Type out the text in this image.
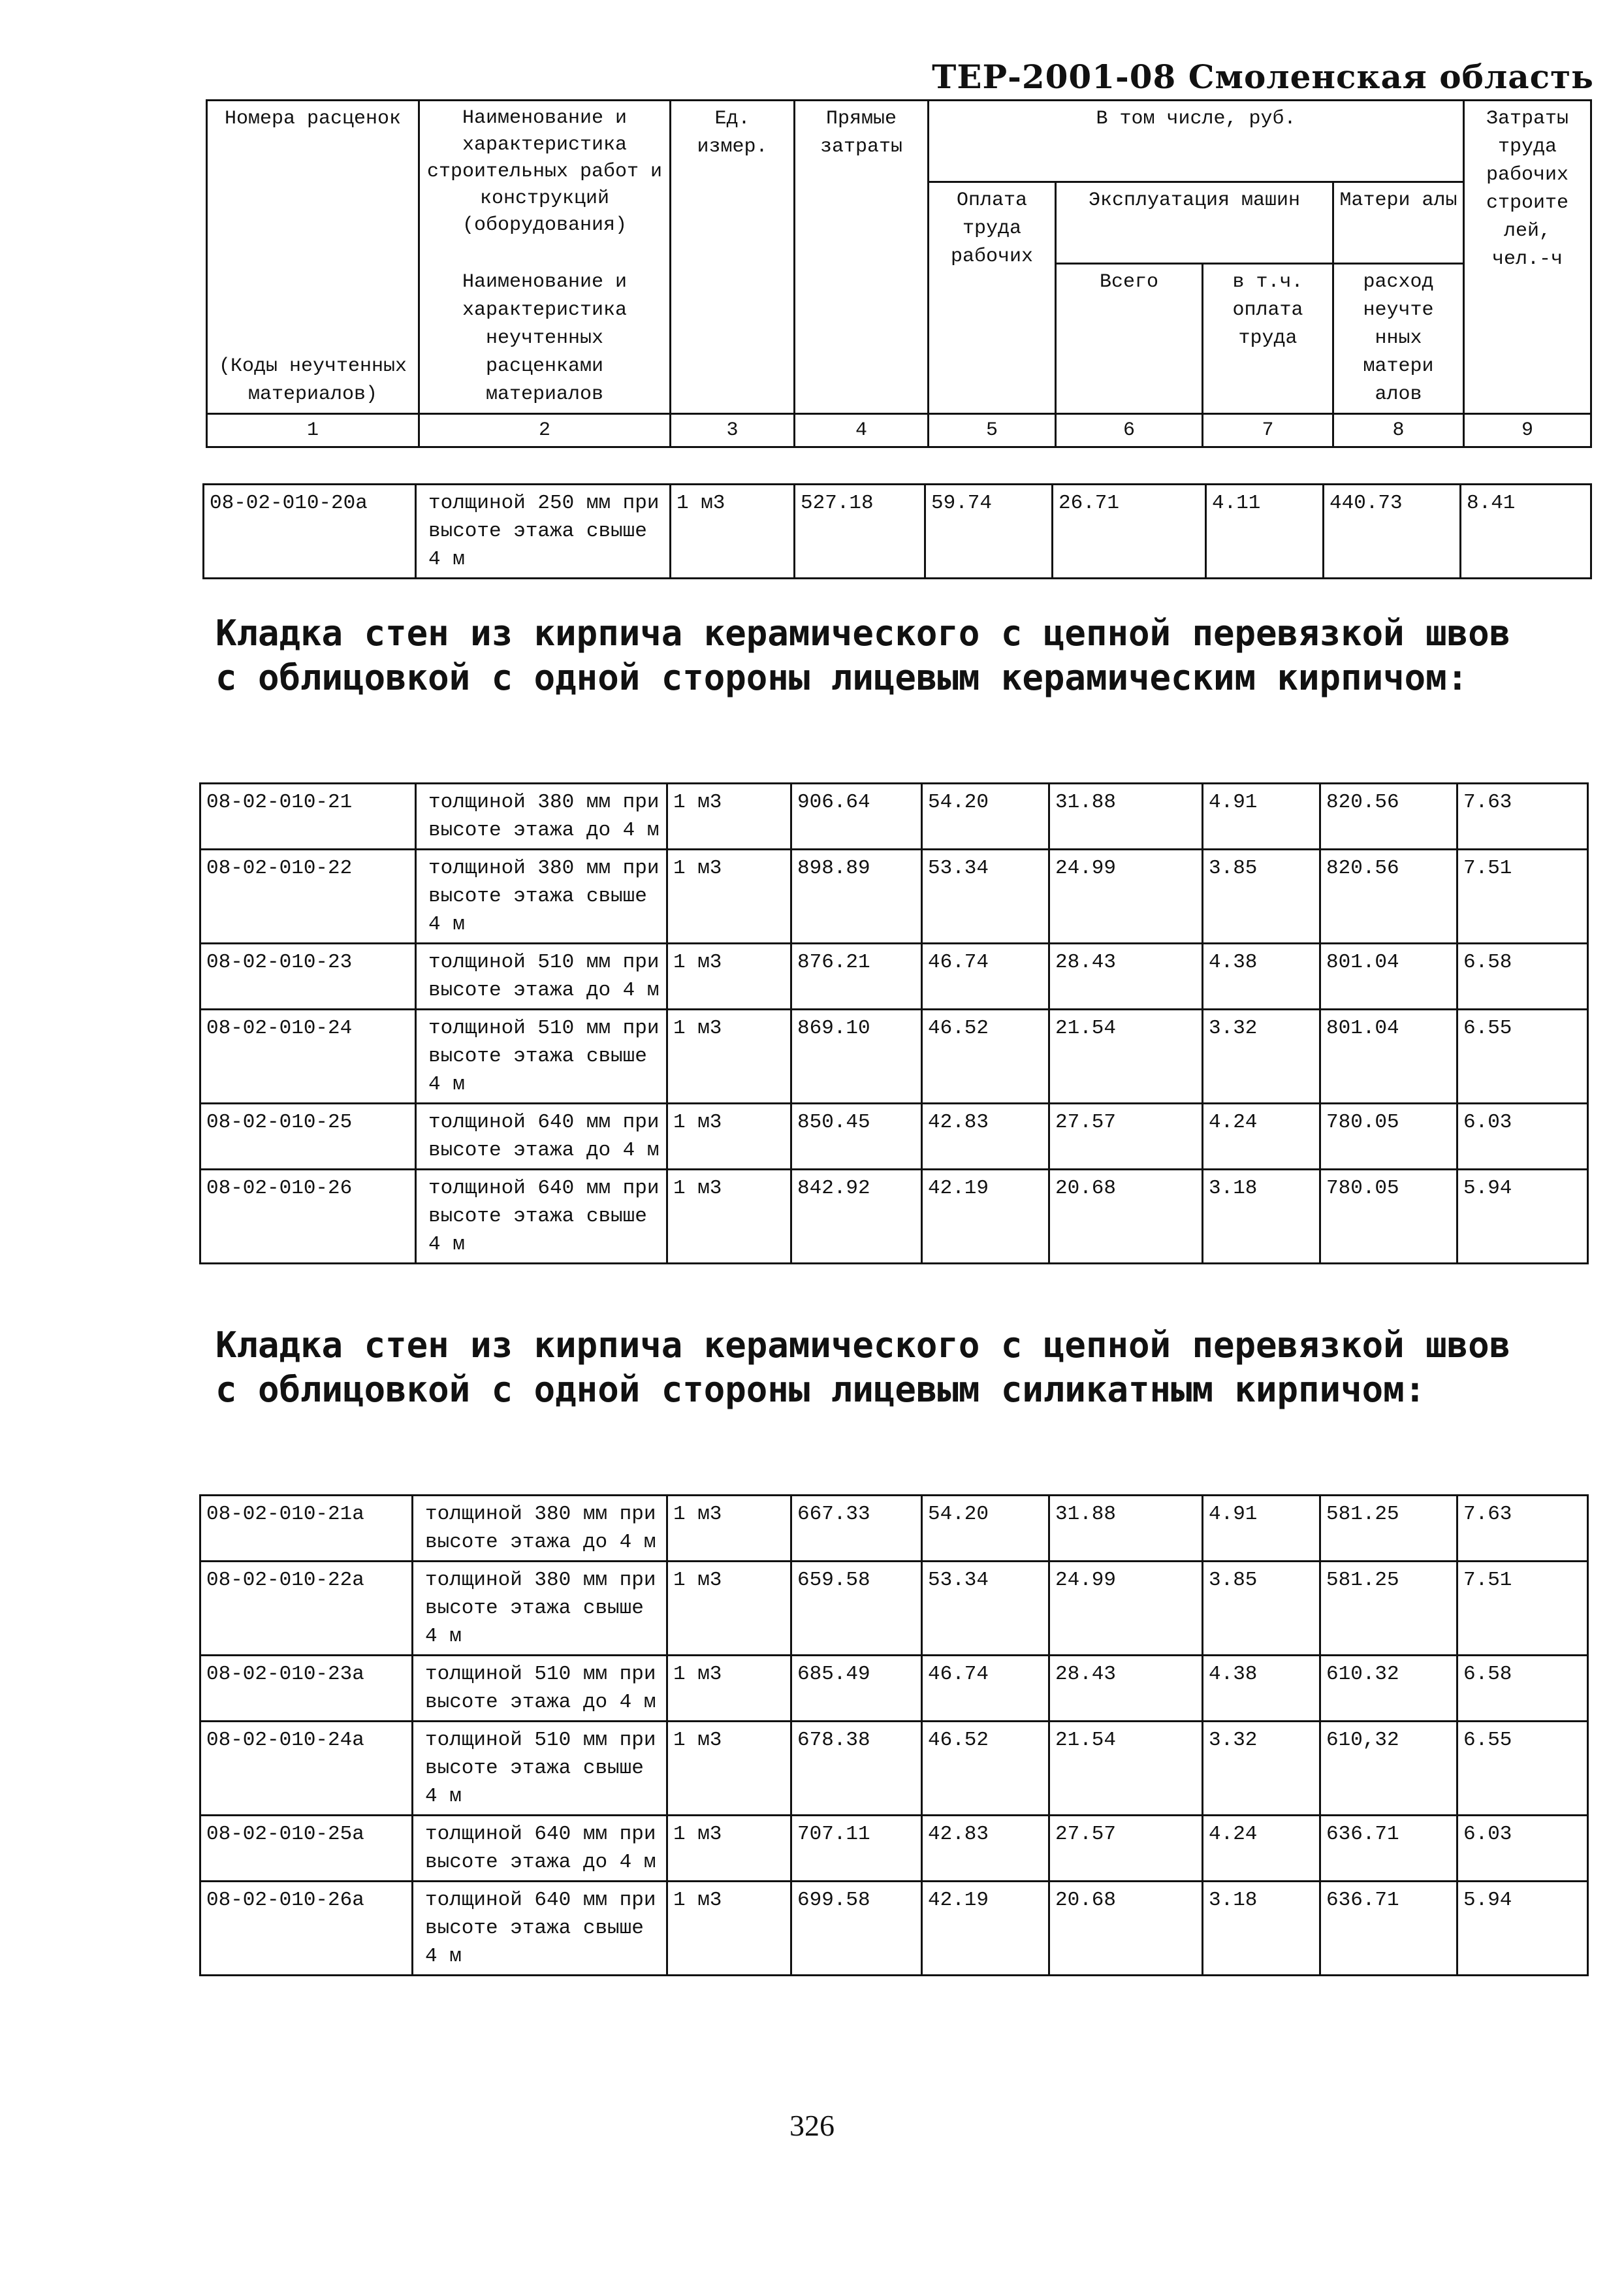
ТЕР-2001-08 Смоленская область
Номера расценок	Наименование и характеристика строительных работ и конструкций (оборудования)	Ед. измер.	Прямые затраты	В том числе, руб.				Затраты труда рабочих строите лей, чел.-ч
				Оплата труда рабочих	Эксплуатация машин		Матери алы	
(Коды неучтенных материалов)	Наименование и характеристика неучтенных расценками материалов				Всего	в т.ч. оплата труда	расход неучте нных матери алов	

1	2	3	4	5	6	7	8	9
08-02-010-20а	толщиной 250 мм при высоте этажа свыше 4 м	1 м3	527.18	59.74	26.71	4.11	440.73	8.41
Кладка стен из кирпича керамического с цепной перевязкой швов с облицовкой с одной стороны лицевым керамическим кирпичом:
08-02-010-21	толщиной 380 мм при высоте этажа до 4 м	1 м3	906.64	54.20	31.88	4.91	820.56	7.63
08-02-010-22	толщиной 380 мм при высоте этажа свыше 4 м	1 м3	898.89	53.34	24.99	3.85	820.56	7.51
08-02-010-23	толщиной 510 мм при высоте этажа до 4 м	1 м3	876.21	46.74	28.43	4.38	801.04	6.58
08-02-010-24	толщиной 510 мм при высоте этажа свыше 4 м	1 м3	869.10	46.52	21.54	3.32	801.04	6.55
08-02-010-25	толщиной 640 мм при высоте этажа до 4 м	1 м3	850.45	42.83	27.57	4.24	780.05	6.03
08-02-010-26	толщиной 640 мм при высоте этажа свыше 4 м	1 м3	842.92	42.19	20.68	3.18	780.05	5.94
Кладка стен из кирпича керамического с цепной перевязкой швов с облицовкой с одной стороны лицевым силикатным кирпичом:
08-02-010-21а	толщиной 380 мм при высоте этажа до 4 м	1 м3	667.33	54.20	31.88	4.91	581.25	7.63
08-02-010-22а	толщиной 380 мм при высоте этажа свыше 4 м	1 м3	659.58	53.34	24.99	3.85	581.25	7.51
08-02-010-23а	толщиной 510 мм при высоте этажа до 4 м	1 м3	685.49	46.74	28.43	4.38	610.32	6.58
08-02-010-24а	толщиной 510 мм при высоте этажа свыше 4 м	1 м3	678.38	46.52	21.54	3.32	610,32	6.55
08-02-010-25а	толщиной 640 мм при высоте этажа до 4 м	1 м3	707.11	42.83	27.57	4.24	636.71	6.03
08-02-010-26а	толщиной 640 мм при высоте этажа свыше 4 м	1 м3	699.58	42.19	20.68	3.18	636.71	5.94
326
